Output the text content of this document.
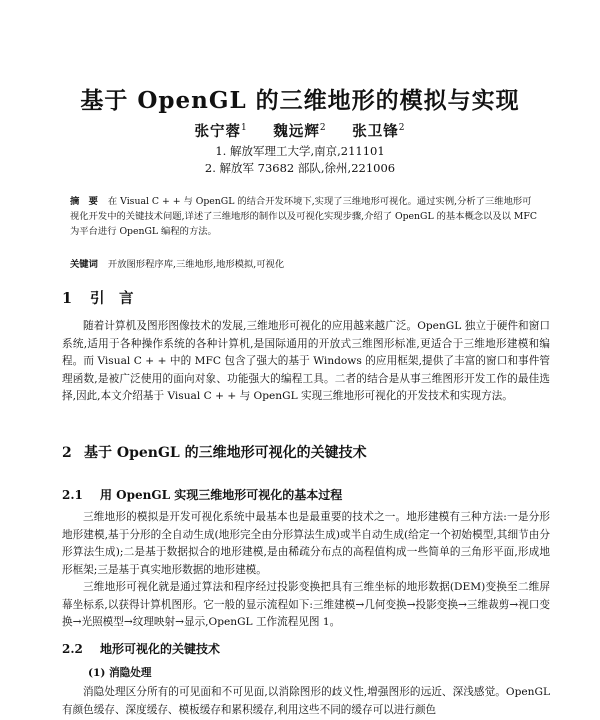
基于 OpenGL 的三维地形的模拟与实现
张宁蓉$^1$ 魏远辉$^2$ 张卫锋$^2$
1. 解放军理工大学,南京,211101
2. 解放军 73682 部队,徐州,221006
摘　要 在 Visual C + + 与 OpenGL 的结合开发环境下,实现了三维地形可视化。通过实例,分析了三维地形可视化开发中的关键技术问题,详述了三维地形的制作以及可视化实现步骤,介绍了 OpenGL 的基本概念以及以 MFC 为平台进行 OpenGL 编程的方法。
关键词 开放图形程序库,三维地形,地形模拟,可视化
1 引　言

随着计算机及图形图像技术的发展,三维地形可视化的应用越来越广泛。OpenGL 独立于硬件和窗口系统,适用于各种操作系统的各种计算机,是国际通用的开放式三维图形标准,更适合于三维地形建模和编程。而 Visual C + + 中的 MFC 包含了强大的基于 Windows 的应用框架,提供了丰富的窗口和事件管理函数,是被广泛使用的面向对象、功能强大的编程工具。二者的结合是从事三维图形开发工作的最佳选择,因此,本文介绍基于 Visual C + + 与 OpenGL 实现三维地形可视化的开发技术和实现方法。

2 基于 OpenGL 的三维地形可视化的关键技术
2.1 用 OpenGL 实现三维地形可视化的基本过程

三维地形的模拟是开发可视化系统中最基本也是最重要的技术之一。地形建模有三种方法:一是分形地形建模,基于分形的全自动生成(地形完全由分形算法生成)或半自动生成(给定一个初始模型,其细节由分形算法生成);二是基于数据拟合的地形建模,是由稀疏分布点的高程值构成一些简单的三角形平面,形成地形框架;三是基于真实地形数据的地形建模。

三维地形可视化就是通过算法和程序经过投影变换把具有三维坐标的地形数据(DEM)变换至二维屏幕坐标系,以获得计算机图形。它一般的显示流程如下:三维建模→几何变换→投影变换→三维裁剪→视口变换→光照模型→纹理映射→显示,OpenGL 工作流程见图 1。

2.2 地形可视化的关键技术
(1) 消隐处理

消隐处理区分所有的可见面和不可见面,以消除图形的歧义性,增强图形的远近、深浅感觉。OpenGL 有颜色缓存、深度缓存、模板缓存和累积缓存,利用这些不同的缓存可以进行颜色
